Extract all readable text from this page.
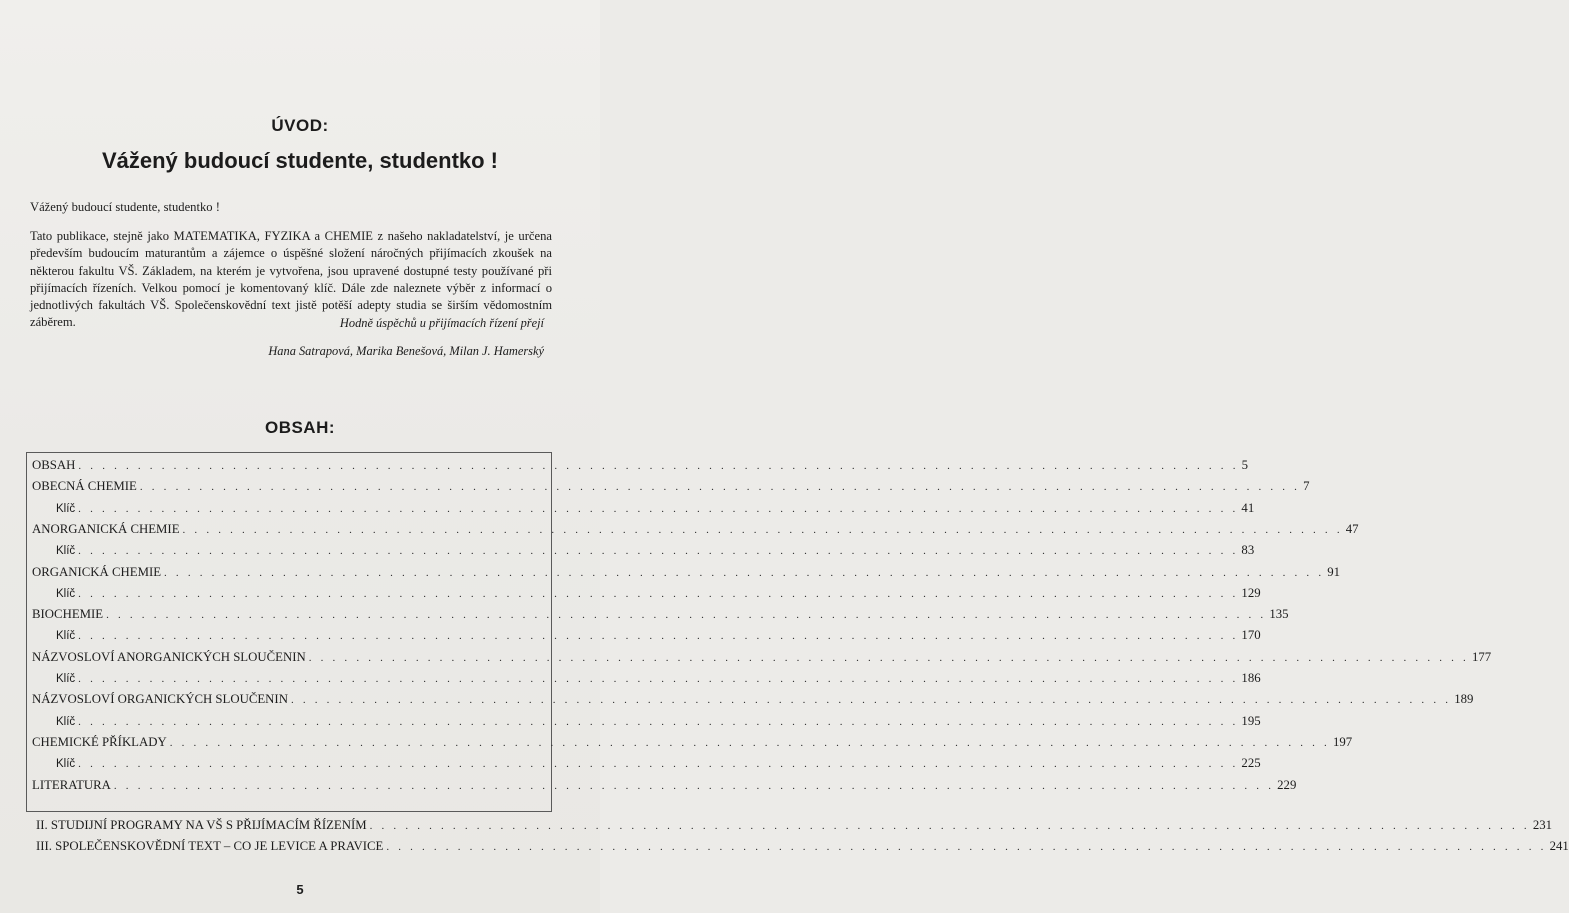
ÚVOD:
Vážený budoucí studente, studentko !
Vážený budoucí studente, studentko !
Tato publikace, stejně jako MATEMATIKA, FYZIKA a CHEMIE z našeho nakladatelství, je určena především budoucím maturantům a zájemce o úspěšné složení náročných přijímacích zkoušek na některou fakultu VŠ. Základem, na kterém je vytvořena, jsou upravené dostupné testy používané při přijímacích řízeních. Velkou pomocí je komentovaný klíč. Dále zde naleznete výběr z informací o jednotlivých fakultách VŠ. Společenskovědní text jistě potěší adepty studia se širším vědomostním záběrem.	Hodně úspěchů u přijímacích řízení přejí
Hana Satrapová, Marika Benešová, Milan J. Hamerský
OBSAH:
OBSAH . . . . . . . . . . . . . . . . . . . . . . . . . . . . . . . . . . . . . . . . . . . . . . . . . . . . . . . . . . . . . . . . . . . . . . . . . . . . . . . . . . . . . . . . . . . . . . . . . . 5
OBECNÁ CHEMIE . . . . . . . . . . . . . . . . . . . . . . . . . . . . . . . . . . . . . . . . . . . . . . . . . . . . . . . . . . . . . . . . . . . . . . . . . . . . . . . . . . . . . . . . . . . . . . . . . . 7
Klíč . . . . . . . . . . . . . . . . . . . . . . . . . . . . . . . . . . . . . . . . . . . . . . . . . . . . . . . . . . . . . . . . . . . . . . . . . . . . . . . . . . . . . . . . . . . . . . . . . . 41
ANORGANICKÁ CHEMIE . . . . . . . . . . . . . . . . . . . . . . . . . . . . . . . . . . . . . . . . . . . . . . . . . . . . . . . . . . . . . . . . . . . . . . . . . . . . . . . . . . . . . . . . . . . . . . . . . . 47
Klíč . . . . . . . . . . . . . . . . . . . . . . . . . . . . . . . . . . . . . . . . . . . . . . . . . . . . . . . . . . . . . . . . . . . . . . . . . . . . . . . . . . . . . . . . . . . . . . . . . . 83
ORGANICKÁ CHEMIE . . . . . . . . . . . . . . . . . . . . . . . . . . . . . . . . . . . . . . . . . . . . . . . . . . . . . . . . . . . . . . . . . . . . . . . . . . . . . . . . . . . . . . . . . . . . . . . . . . 91
Klíč . . . . . . . . . . . . . . . . . . . . . . . . . . . . . . . . . . . . . . . . . . . . . . . . . . . . . . . . . . . . . . . . . . . . . . . . . . . . . . . . . . . . . . . . . . . . . . . . . . 129
BIOCHEMIE . . . . . . . . . . . . . . . . . . . . . . . . . . . . . . . . . . . . . . . . . . . . . . . . . . . . . . . . . . . . . . . . . . . . . . . . . . . . . . . . . . . . . . . . . . . . . . . . . . 135
Klíč . . . . . . . . . . . . . . . . . . . . . . . . . . . . . . . . . . . . . . . . . . . . . . . . . . . . . . . . . . . . . . . . . . . . . . . . . . . . . . . . . . . . . . . . . . . . . . . . . . 170
NÁZVOSLOVÍ ANORGANICKÝCH SLOUČENIN . . . . . . . . . . . . . . . . . . . . . . . . . . . . . . . . . . . . . . . . . . . . . . . . . . . . . . . . . . . . . . . . . . . . . . . . . . . . . . . . . . . . . . . . . . . . . . . . . . 177
Klíč . . . . . . . . . . . . . . . . . . . . . . . . . . . . . . . . . . . . . . . . . . . . . . . . . . . . . . . . . . . . . . . . . . . . . . . . . . . . . . . . . . . . . . . . . . . . . . . . . . 186
NÁZVOSLOVÍ ORGANICKÝCH SLOUČENIN . . . . . . . . . . . . . . . . . . . . . . . . . . . . . . . . . . . . . . . . . . . . . . . . . . . . . . . . . . . . . . . . . . . . . . . . . . . . . . . . . . . . . . . . . . . . . . . . . . 189
Klíč . . . . . . . . . . . . . . . . . . . . . . . . . . . . . . . . . . . . . . . . . . . . . . . . . . . . . . . . . . . . . . . . . . . . . . . . . . . . . . . . . . . . . . . . . . . . . . . . . . 195
CHEMICKÉ PŘÍKLADY . . . . . . . . . . . . . . . . . . . . . . . . . . . . . . . . . . . . . . . . . . . . . . . . . . . . . . . . . . . . . . . . . . . . . . . . . . . . . . . . . . . . . . . . . . . . . . . . . . 197
Klíč . . . . . . . . . . . . . . . . . . . . . . . . . . . . . . . . . . . . . . . . . . . . . . . . . . . . . . . . . . . . . . . . . . . . . . . . . . . . . . . . . . . . . . . . . . . . . . . . . . 225
LITERATURA . . . . . . . . . . . . . . . . . . . . . . . . . . . . . . . . . . . . . . . . . . . . . . . . . . . . . . . . . . . . . . . . . . . . . . . . . . . . . . . . . . . . . . . . . . . . . . . . . . 229
II. STUDIJNÍ PROGRAMY NA VŠ S PŘIJÍMACÍM ŘÍZENÍM . . . . . . . . . . . . . . . . . . . . . . . . . . . . . . . . . . . . . . . . . . . . . . . . . . . . . . . . . . . . . . . . . . . . . . . . . . . . . . . . . . . . . . . . . . . . . . . . . . 231
III. SPOLEČENSKOVĚDNÍ TEXT – CO JE LEVICE A PRAVICE . . . . . . . . . . . . . . . . . . . . . . . . . . . . . . . . . . . . . . . . . . . . . . . . . . . . . . . . . . . . . . . . . . . . . . . . . . . . . . . . . . . . . . . . . . . . . . . . . . 241
5
